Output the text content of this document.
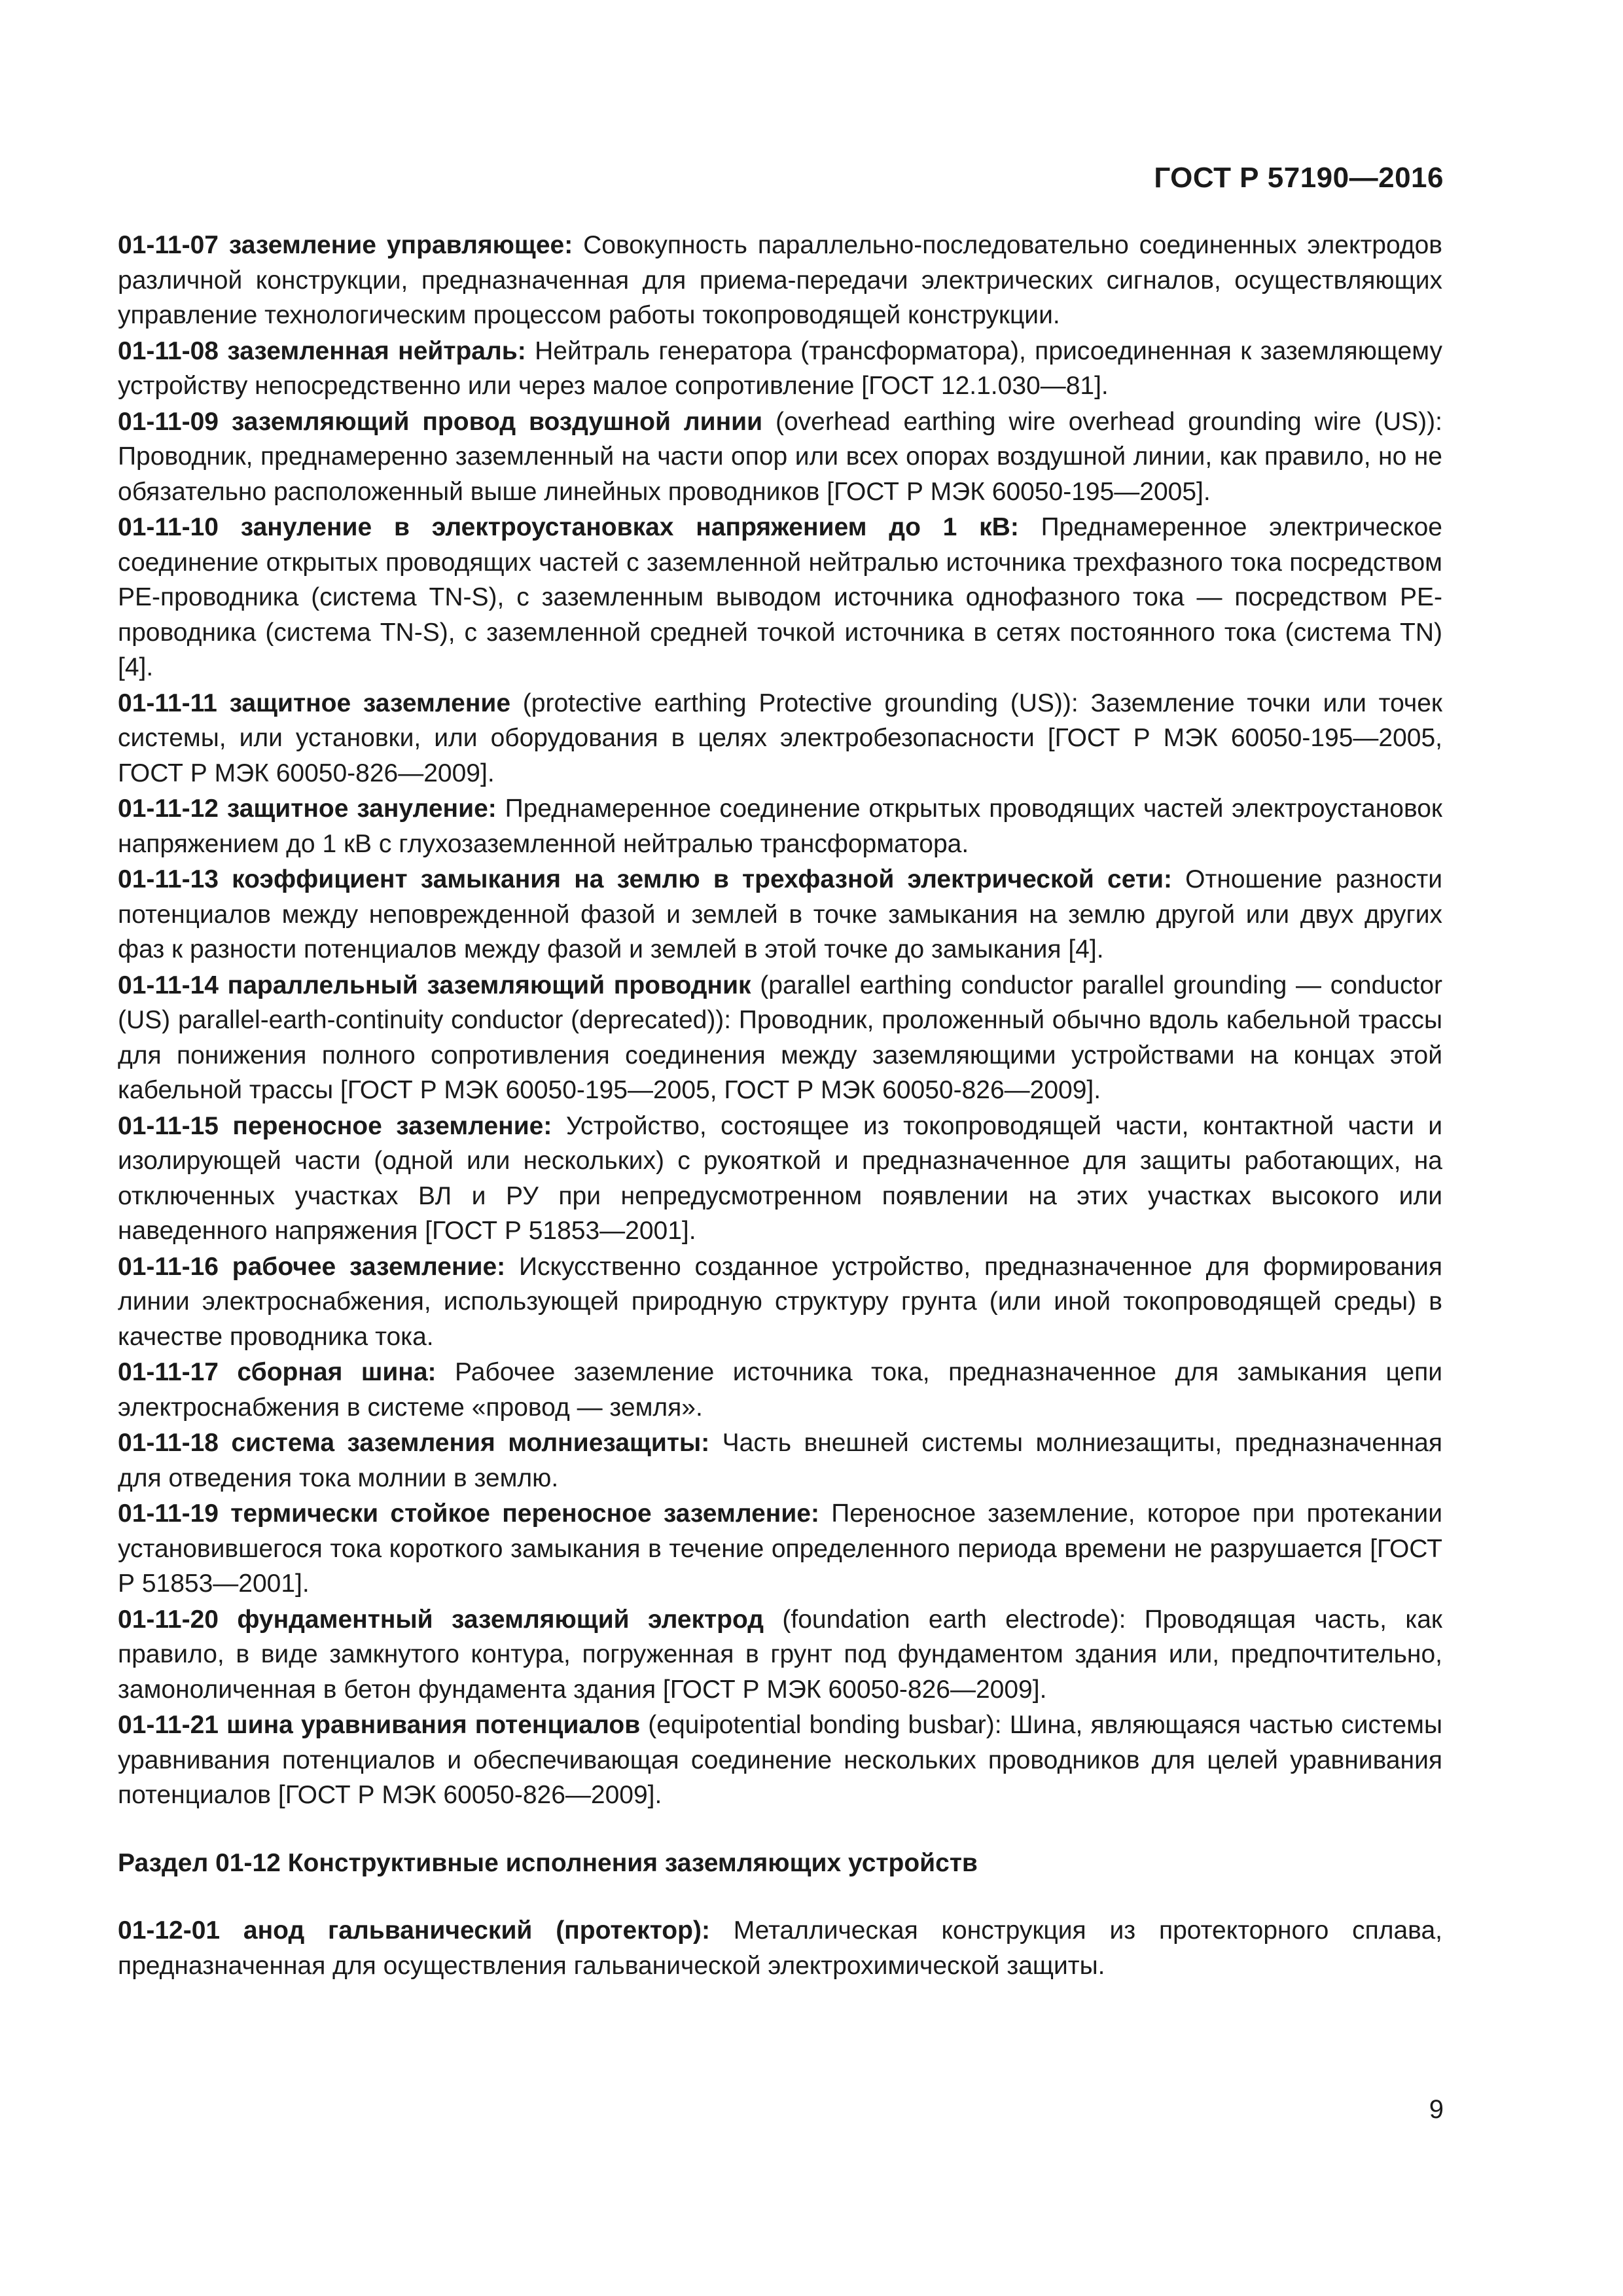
ГОСТ Р 57190—2016

01-11-07 заземление управляющее: Совокупность параллельно-последовательно соединенных электродов различной конструкции, предназначенная для приема-передачи электрических сигналов, осуществляющих управление технологическим процессом работы токопроводящей конструкции.

01-11-08 заземленная нейтраль: Нейтраль генератора (трансформатора), присоединенная к заземляющему устройству непосредственно или через малое сопротивление [ГОСТ 12.1.030—81].

01-11-09 заземляющий провод воздушной линии (overhead earthing wire overhead grounding wire (US)): Проводник, преднамеренно заземленный на части опор или всех опорах воздушной линии, как правило, но не обязательно расположенный выше линейных проводников [ГОСТ Р МЭК 60050-195—2005].

01-11-10 зануление в электроустановках напряжением до 1 кВ: Преднамеренное электрическое соединение открытых проводящих частей с заземленной нейтралью источника трехфазного тока посредством PE-проводника (система TN-S), с заземленным выводом источника однофазного тока — посредством PE-проводника (система TN-S), с заземленной средней точкой источника в сетях постоянного тока (система TN) [4].

01-11-11 защитное заземление (protective earthing Protective grounding (US)): Заземление точки или точек системы, или установки, или оборудования в целях электробезопасности [ГОСТ Р МЭК 60050-195—2005, ГОСТ Р МЭК 60050-826—2009].

01-11-12 защитное зануление: Преднамеренное соединение открытых проводящих частей электроустановок напряжением до 1 кВ с глухозаземленной нейтралью трансформатора.

01-11-13 коэффициент замыкания на землю в трехфазной электрической сети: Отношение разности потенциалов между неповрежденной фазой и землей в точке замыкания на землю другой или двух других фаз к разности потенциалов между фазой и землей в этой точке до замыкания [4].

01-11-14 параллельный заземляющий проводник (parallel earthing conductor parallel grounding — conductor (US) parallel-earth-continuity conductor (deprecated)): Проводник, проложенный обычно вдоль кабельной трассы для понижения полного сопротивления соединения между заземляющими устройствами на концах этой кабельной трассы [ГОСТ Р МЭК 60050-195—2005, ГОСТ Р МЭК 60050-826—2009].

01-11-15 переносное заземление: Устройство, состоящее из токопроводящей части, контактной части и изолирующей части (одной или нескольких) с рукояткой и предназначенное для защиты работающих, на отключенных участках ВЛ и РУ при непредусмотренном появлении на этих участках высокого или наведенного напряжения [ГОСТ Р 51853—2001].

01-11-16 рабочее заземление: Искусственно созданное устройство, предназначенное для формирования линии электроснабжения, использующей природную структуру грунта (или иной токопроводящей среды) в качестве проводника тока.

01-11-17 сборная шина: Рабочее заземление источника тока, предназначенное для замыкания цепи электроснабжения в системе «провод — земля».

01-11-18 система заземления молниезащиты: Часть внешней системы молниезащиты, предназначенная для отведения тока молнии в землю.

01-11-19 термически стойкое переносное заземление: Переносное заземление, которое при протекании установившегося тока короткого замыкания в течение определенного периода времени не разрушается [ГОСТ Р 51853—2001].

01-11-20 фундаментный заземляющий электрод (foundation earth electrode): Проводящая часть, как правило, в виде замкнутого контура, погруженная в грунт под фундаментом здания или, предпочтительно, замоноличенная в бетон фундамента здания [ГОСТ Р МЭК 60050-826—2009].

01-11-21 шина уравнивания потенциалов (equipotential bonding busbar): Шина, являющаяся частью системы уравнивания потенциалов и обеспечивающая соединение нескольких проводников для целей уравнивания потенциалов [ГОСТ Р МЭК 60050-826—2009].

Раздел 01-12 Конструктивные исполнения заземляющих устройств

01-12-01 анод гальванический (протектор): Металлическая конструкция из протекторного сплава, предназначенная для осуществления гальванической электрохимической защиты.

9
